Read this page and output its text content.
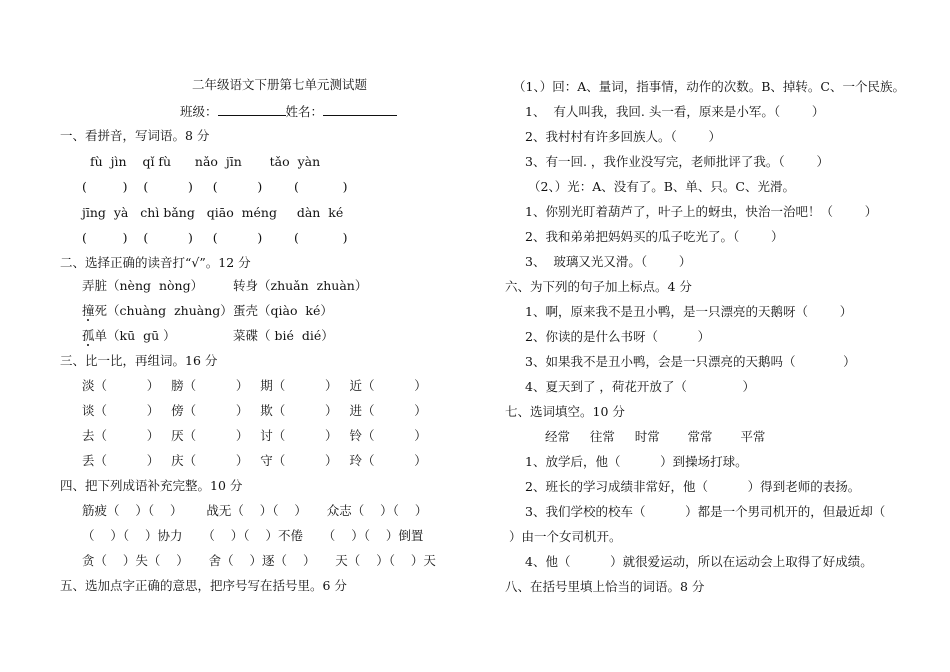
二年级语文下册第七单元测试题
班级：	姓名：
一、看拼音，写词语。8 分
fù  jìn    qǐ fù      nǎo  jīn       tǎo  yàn
(         )    (          )     (          )        (           )
jīng  yà   chì bǎng   qiāo  méng     dàn  ké
(         )    (          )     (          )        (           )
二、选择正确的读音打“√”。12 分
弄脏（nèng  nòng） 转身（zhuǎn  zhuàn）
撞死（chuàng  zhuàng） 蛋壳（qiào  ké）
孤单（kū  gū ）	菜碟（ bié  dié）
三、比一比，再组词。16 分
淡（          ）   膀（          ）   期（          ）   近（          ）
谈（          ）   傍（          ）   欺（          ）   进（          ）
去（          ）   厌（          ）   讨（          ）   铃（          ）
丢（          ）   庆（          ）   守（          ）   玲（          ）
四、把下列成语补充完整。10 分
筋疲（    ）（    ）      战无（    ）（    ）     众志（    ）（    ）
（    ）（    ）协力     （    ）（    ）不倦     （    ）（    ）倒置
贪（    ）失（    ）     舍（    ）逐（    ）     天（    ）（    ）天
五、选加点字正确的意思，把序号写在括号里。6 分
（1、）回：A、量词，指事情，动作的次数。B、掉转。C、一个民族。
1、  有人叫我，我回. 头一看，原来是小军。（        ）
2、我村村有许多回族人。（        ）
3、有一回. ，我作业没写完，老师批评了我。（        ）
（2、）光：A、没有了。B、单、只。C、光滑。
1、你别光盯着葫芦了，叶子上的蚜虫，快治一治吧！（        ）
2、我和弟弟把妈妈买的瓜子吃光了。（        ）
3、  玻璃又光又滑。（        ）
六、为下列的句子加上标点。4 分
1、啊，原来我不是丑小鸭，是一只漂亮的天鹅呀（        ）
2、你读的是什么书呀（          ）
3、如果我不是丑小鸭，会是一只漂亮的天鹅吗（            ）
4、夏天到了 ，荷花开放了（              ）
七、选词填空。10 分
经常     往常     时常       常常       平常
1、放学后，他（          ）到操场打球。
2、班长的学习成绩非常好，他（          ）得到老师的表扬。
3、我们学校的校车（          ）都是一个男司机开的，但最近却（
）由一个女司机开。
4、他（          ）就很爱运动，所以在运动会上取得了好成绩。
八、在括号里填上恰当的词语。8 分
